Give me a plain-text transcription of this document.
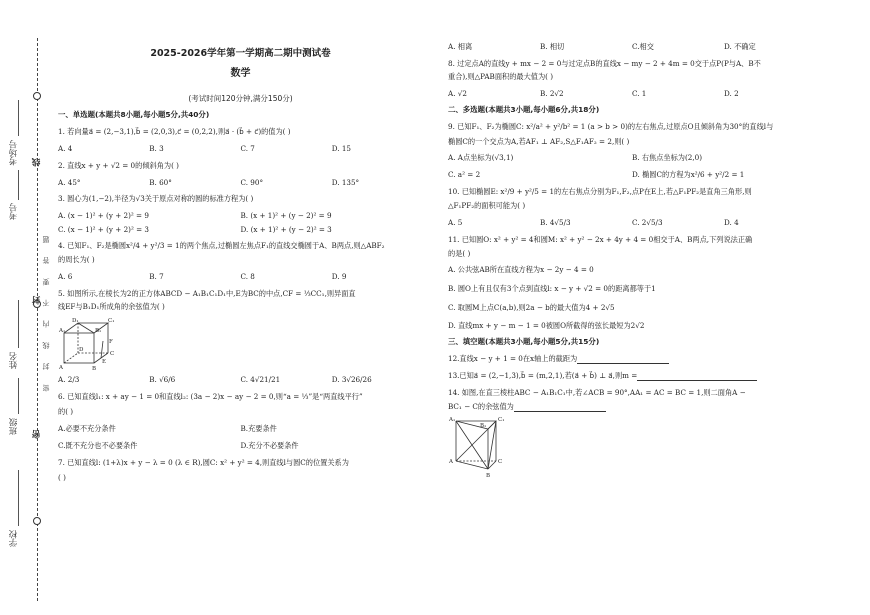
考场号
考号
姓名
班级
学校
密 封 线 内 不 要 答 题
线
封
密
2025-2026学年第一学期高二期中测试卷
数学
(考试时间120分钟,满分150分)
一、单选题(本题共8小题,每小题5分,共40分)
1. 若向量a⃗ = (2,−3,1),b⃗ = (2,0,3),c⃗ = (0,2,2),则a⃗ · (b⃗ + c⃗)的值为( )
A. 4	B. 3	C. 7	D. 15
2. 直线x + y + √2 = 0的倾斜角为( )
A. 45°	B. 60°	C. 90°	D. 135°
3. 圆心为(1,−2),半径为√3关于原点对称的圆的标准方程为( )
A. (x − 1)² + (y + 2)² = 9	B. (x + 1)² + (y − 2)² = 9
C. (x − 1)² + (y + 2)² = 3	D. (x + 1)² + (y − 2)² = 3
4. 已知F₁、F₂是椭圆x²/4 + y²/3 = 1的两个焦点,过椭圆左焦点F₁的直线交椭圆于A、B两点,则△ABF₂
的周长为( )
A. 6	B. 7	C. 8	D. 9
5. 如图所示,在棱长为2的正方体ABCD − A₁B₁C₁D₁中,E为BC的中点,CF = ⅓CC₁,则异面直
线EF与B₁D₁所成角的余弦值为( )
A₁
D₁	C₁
B₁
A	B
C
D
E
F
A. 2/3	B. √6/6	C. 4√21/21	D. 3√26/26
6. 已知直线l₁: x + ay − 1 = 0和直线l₂: (3a − 2)x − ay − 2 = 0,则“a = ⅓”是“两直线平行”
的( )
A.必要不充分条件	B.充要条件
C.既不充分也不必要条件	D.充分不必要条件
7. 已知直线l: (1+λ)x + y − λ = 0 (λ ∈ R),圆C: x² + y² = 4,则直线l与圆C的位置关系为
( )
A. 相离	B. 相切	C.相交	D. 不确定
8. 过定点A的直线y + mx − 2 = 0与过定点B的直线x − my − 2 + 4m = 0交于点P(P与A、B不
重合),则△PAB面积的最大值为( )
A. √2	B. 2√2	C. 1	D. 2
二、多选题(本题共3小题,每小题6分,共18分)
9. 已知F₁、F₂为椭圆C: x²/a² + y²/b² = 1 (a > b > 0)的左右焦点,过原点O且倾斜角为30°的直线l与
椭圆C的一个交点为A,若AF₁ ⊥ AF₂,S△F₁AF₂ = 2,则( )
A. A点坐标为(√3,1)	B. 右焦点坐标为(2,0)
C. a² = 2	D. 椭圆C的方程为x²/6 + y²/2 = 1
10. 已知椭圆E: x²/9 + y²/5 = 1的左右焦点分别为F₁,F₂,点P在E上,若△F₁PF₂是直角三角形,则
△F₁PF₂的面积可能为( )
A. 5	B. 4√5/3	C. 2√5/3	D. 4
11. 已知圆O: x² + y² = 4和圆M: x² + y² − 2x + 4y + 4 = 0相交于A、B两点,下列说法正确
的是( )
A. 公共弦AB所在直线方程为x − 2y − 4 = 0
B. 圆O上有且仅有3个点到直线l: x − y + √2 = 0的距离都等于1
C. 取圆M上点C(a,b),则2a − b的最大值为4 + 2√5
D. 直线mx + y − m − 1 = 0被圆O所截得的弦长最短为2√2
三、填空题(本题共3小题,每小题5分,共15分)
12.直线x − y + 1 = 0在x轴上的截距为
13.已知a⃗ = (2,−1,3),b⃗ = (m,2,1),若(a⃗ + b⃗) ⊥ a⃗,则m =
14. 如图,在直三棱柱ABC − A₁B₁C₁中,若∠ACB = 90°,AA₁ = AC = BC = 1,则二面角A −
BC₁ − C的余弦值为
A₁
B₁
C₁
A
B
C
